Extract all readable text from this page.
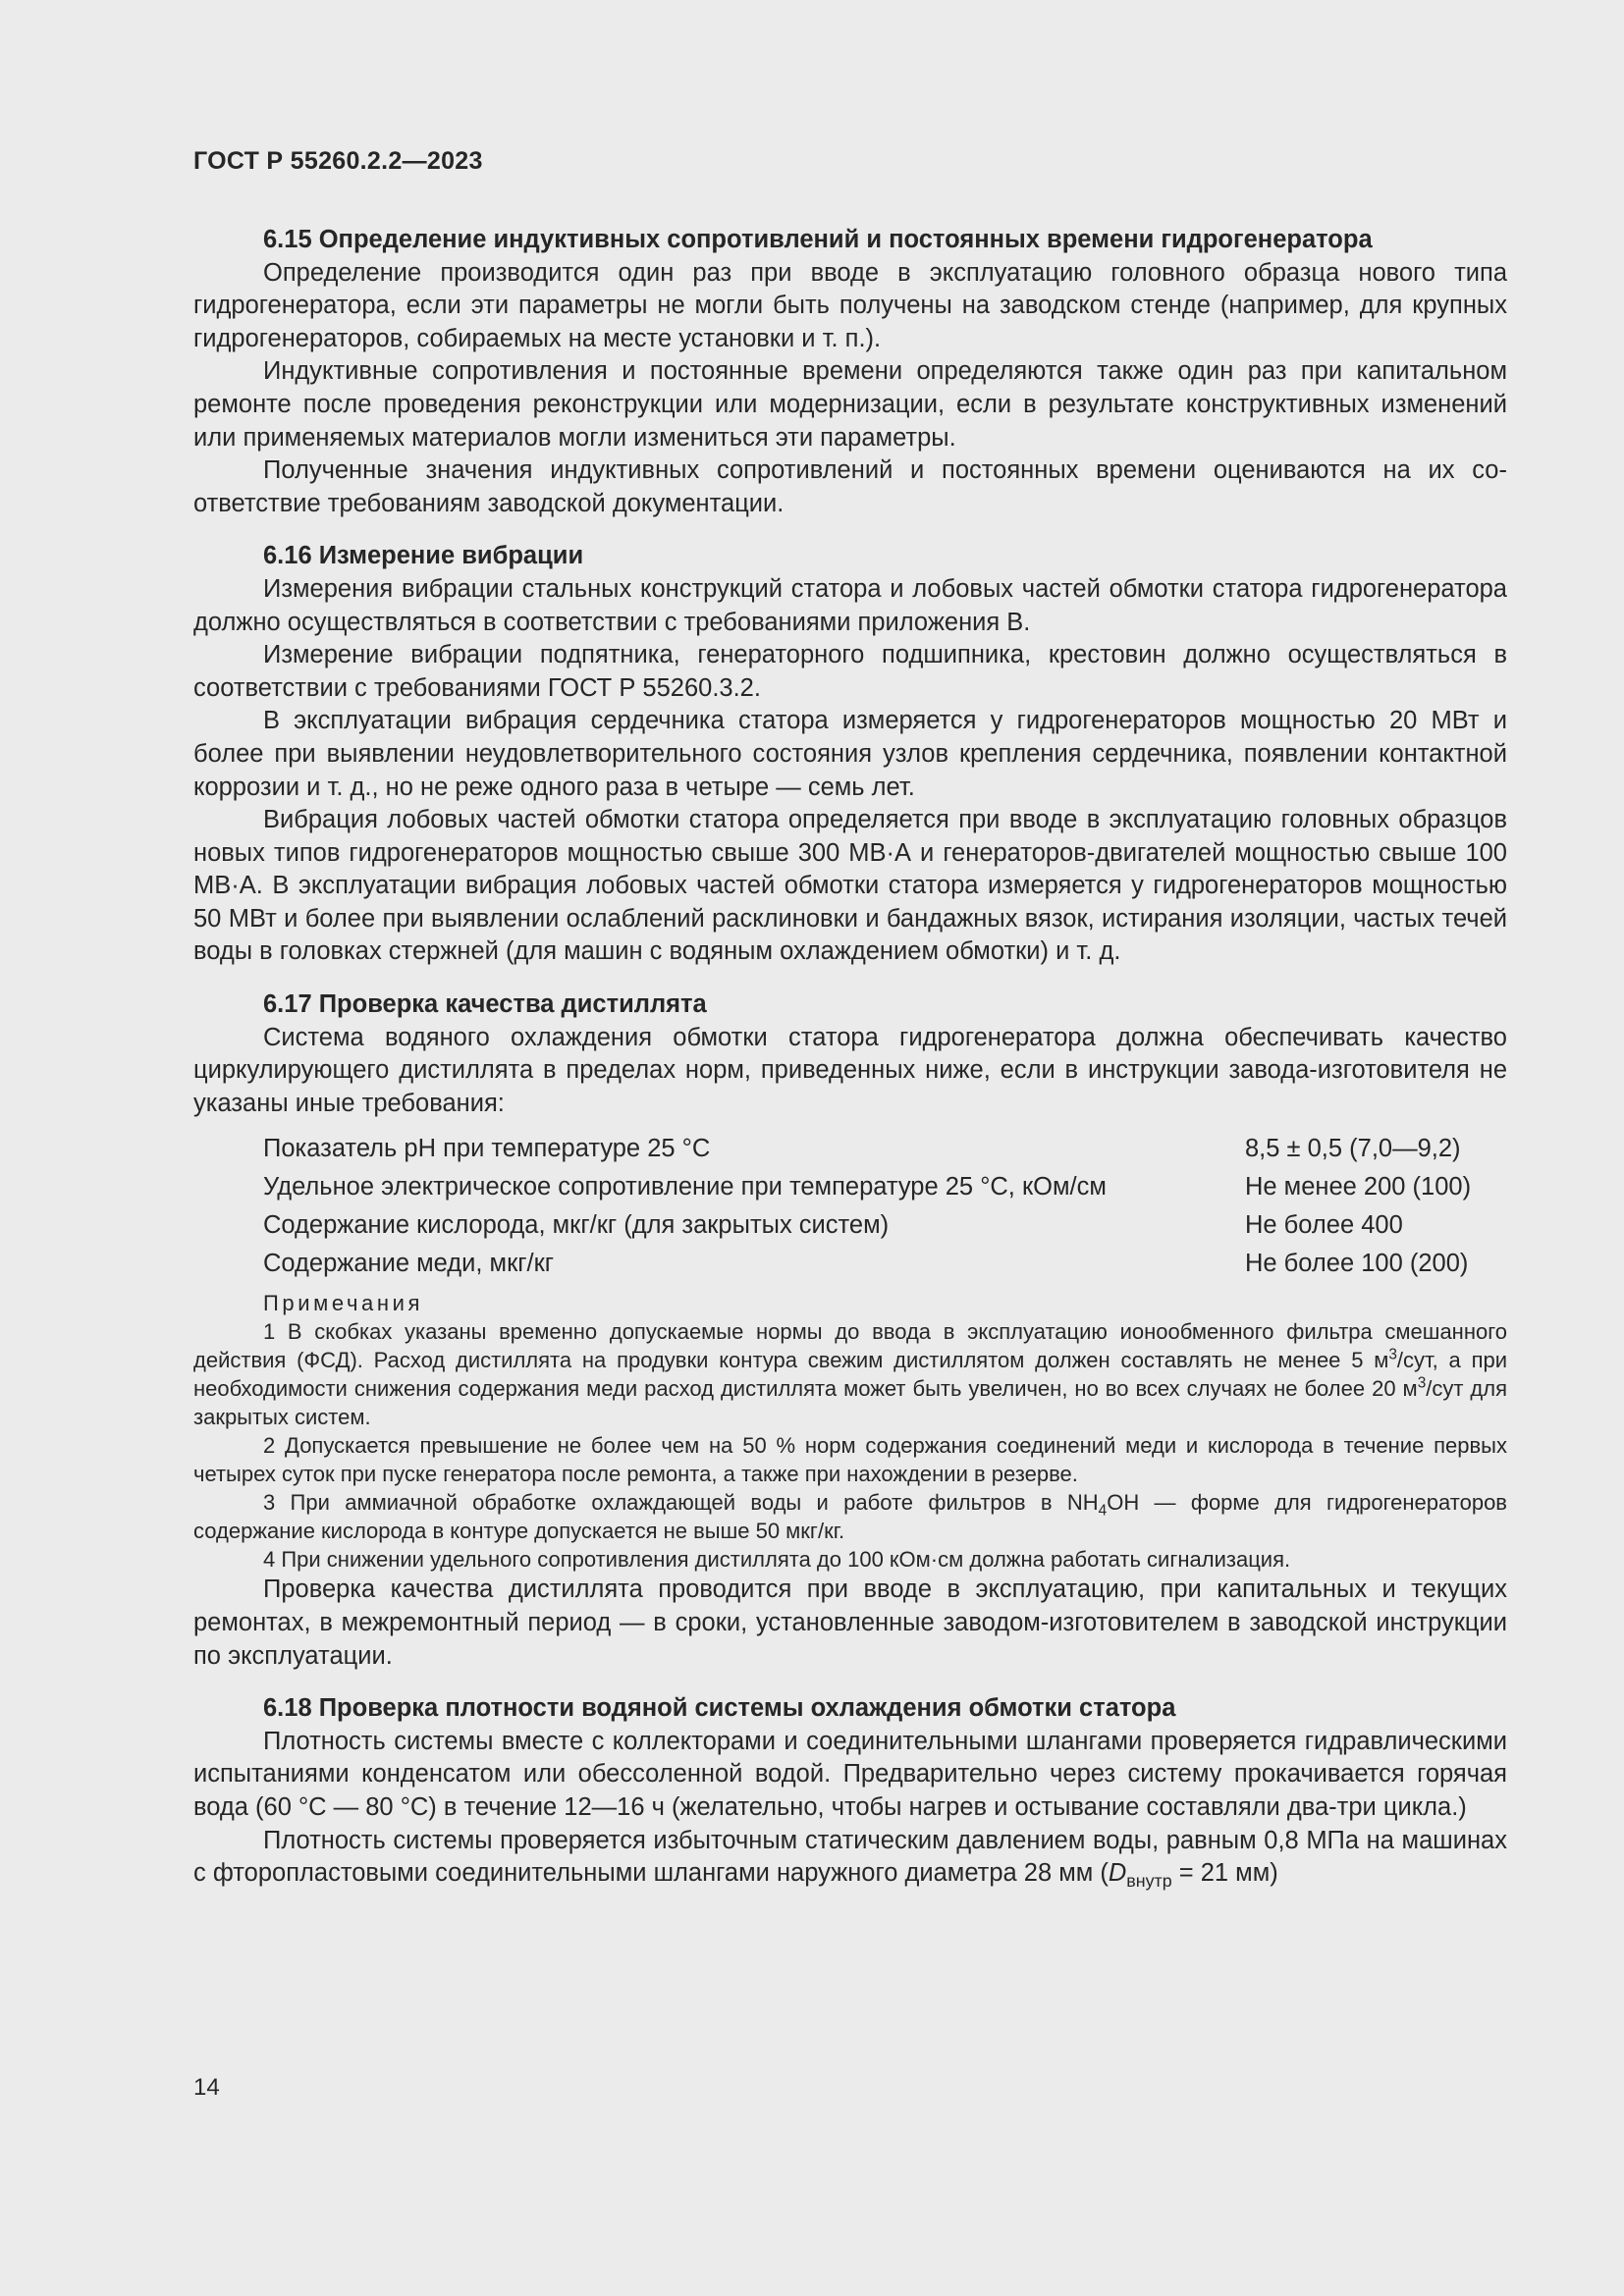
ГОСТ Р 55260.2.2—2023

6.15 Определение индуктивных сопротивлений и постоянных времени гидрогенератора

Определение производится один раз при вводе в эксплуатацию головного образца нового типа гидрогенератора, если эти параметры не могли быть получены на заводском стенде (например, для крупных гидрогенераторов, собираемых на месте установки и т. п.).

Индуктивные сопротивления и постоянные времени определяются также один раз при капитальном ремонте после проведения реконструкции или модернизации, если в результате конструктивных изменений или применяемых материалов могли измениться эти параметры.

Полученные значения индуктивных сопротивлений и постоянных времени оцениваются на их соответствие требованиям заводской документации.

6.16 Измерение вибрации

Измерения вибрации стальных конструкций статора и лобовых частей обмотки статора гидрогенератора должно осуществляться в соответствии с требованиями приложения В.

Измерение вибрации подпятника, генераторного подшипника, крестовин должно осуществляться в соответствии с требованиями ГОСТ Р 55260.3.2.

В эксплуатации вибрация сердечника статора измеряется у гидрогенераторов мощностью 20 МВт и более при выявлении неудовлетворительного состояния узлов крепления сердечника, появлении контактной коррозии и т. д., но не реже одного раза в четыре — семь лет.

Вибрация лобовых частей обмотки статора определяется при вводе в эксплуатацию головных образцов новых типов гидрогенераторов мощностью свыше 300 МВ·А и генераторов-двигателей мощностью свыше 100 МВ·А. В эксплуатации вибрация лобовых частей обмотки статора измеряется у гидрогенераторов мощностью 50 МВт и более при выявлении ослаблений расклиновки и бандажных вязок, истирания изоляции, частых течей воды в головках стержней (для машин с водяным охлаждением обмотки) и т. д.

6.17 Проверка качества дистиллята

Система водяного охлаждения обмотки статора гидрогенератора должна обеспечивать качество циркулирующего дистиллята в пределах норм, приведенных ниже, если в инструкции завода-изготовителя не указаны иные требования:

Показатель pH при температуре 25 °С	8,5 ± 0,5 (7,0—9,2)
Удельное электрическое сопротивление при температуре 25 °С, кОм/см	Не менее 200 (100)
Содержание кислорода, мкг/кг (для закрытых систем)	Не более 400
Содержание меди, мкг/кг	Не более 100 (200)

Примечания

1 В скобках указаны временно допускаемые нормы до ввода в эксплуатацию ионообменного фильтра смешанного действия (ФСД). Расход дистиллята на продувки контура свежим дистиллятом должен составлять не менее 5 $м^3$/сут, а при необходимости снижения содержания меди расход дистиллята может быть увеличен, но во всех случаях не более 20 $м^3$/сут для закрытых систем.

2 Допускается превышение не более чем на 50 % норм содержания соединений меди и кислорода в течение первых четырех суток при пуске генератора после ремонта, а также при нахождении в резерве.

3 При аммиачной обработке охлаждающей воды и работе фильтров в $NH_4OH$ — форме для гидрогенераторов содержание кислорода в контуре допускается не выше 50 мкг/кг.

4 При снижении удельного сопротивления дистиллята до 100 кОм·см должна работать сигнализация.

Проверка качества дистиллята проводится при вводе в эксплуатацию, при капитальных и текущих ремонтах, в межремонтный период — в сроки, установленные заводом-изготовителем в заводской инструкции по эксплуатации.

6.18 Проверка плотности водяной системы охлаждения обмотки статора

Плотность системы вместе с коллекторами и соединительными шлангами проверяется гидравлическими испытаниями конденсатом или обессоленной водой. Предварительно через систему прокачивается горячая вода (60 °С — 80 °С) в течение 12—16 ч (желательно, чтобы нагрев и остывание составляли два-три цикла.)

Плотность системы проверяется избыточным статическим давлением воды, равным 0,8 МПа на машинах с фторопластовыми соединительными шлангами наружного диаметра 28 мм ($D_{внутр} = 21$ мм)

14
